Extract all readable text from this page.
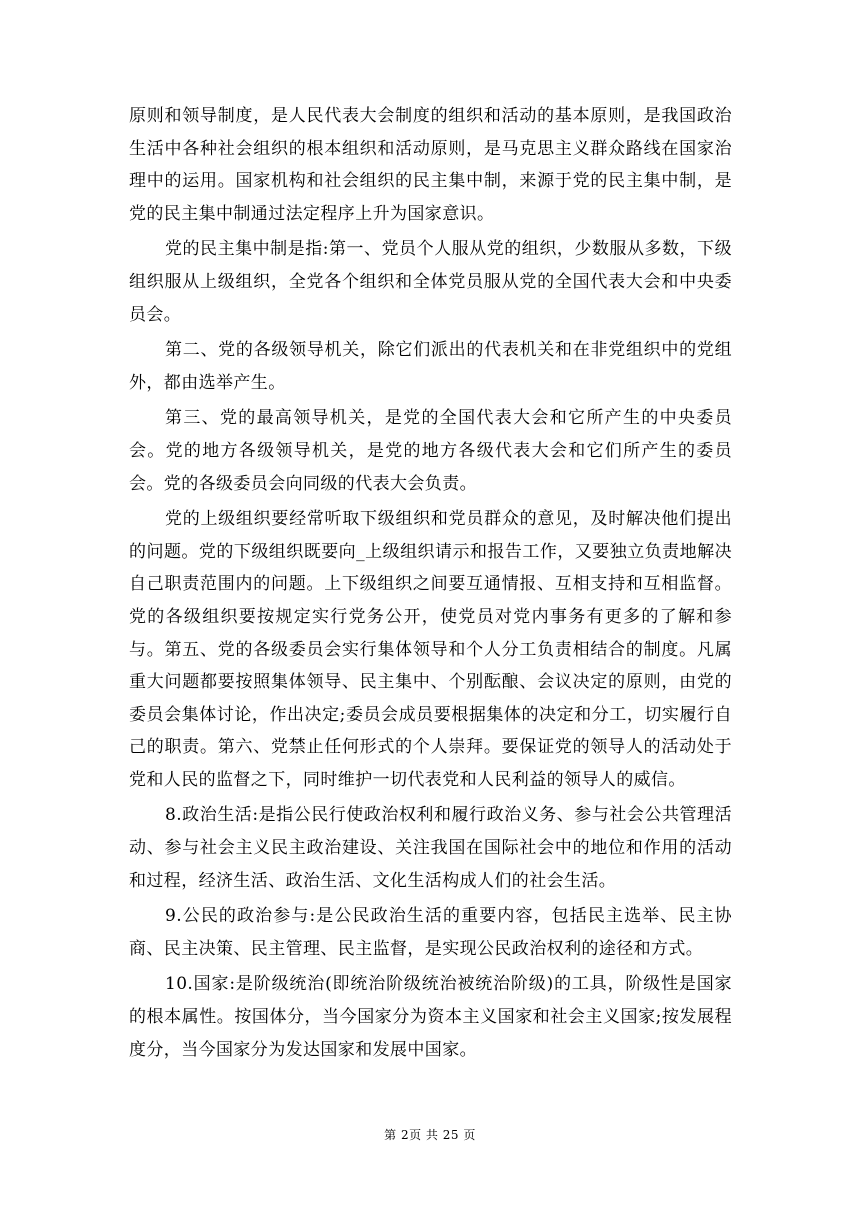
原则和领导制度，是人民代表大会制度的组织和活动的基本原则，是我国政治生活中各种社会组织的根本组织和活动原则，是马克思主义群众路线在国家治理中的运用。国家机构和社会组织的民主集中制，来源于党的民主集中制，是党的民主集中制通过法定程序上升为国家意识。

党的民主集中制是指:第一、党员个人服从党的组织，少数服从多数，下级组织服从上级组织，全党各个组织和全体党员服从党的全国代表大会和中央委员会。

第二、党的各级领导机关，除它们派出的代表机关和在非党组织中的党组外，都由选举产生。

第三、党的最高领导机关，是党的全国代表大会和它所产生的中央委员会。党的地方各级领导机关，是党的地方各级代表大会和它们所产生的委员会。党的各级委员会向同级的代表大会负责。

党的上级组织要经常听取下级组织和党员群众的意见，及时解决他们提出的问题。党的下级组织既要向_上级组织请示和报告工作，又要独立负责地解决自己职责范围内的问题。上下级组织之间要互通情报、互相支持和互相监督。党的各级组织要按规定实行党务公开，使党员对党内事务有更多的了解和参与。第五、党的各级委员会实行集体领导和个人分工负责相结合的制度。凡属重大问题都要按照集体领导、民主集中、个别酝酿、会议决定的原则，由党的委员会集体讨论，作出决定;委员会成员要根据集体的决定和分工，切实履行自己的职责。第六、党禁止任何形式的个人崇拜。要保证党的领导人的活动处于党和人民的监督之下，同时维护一切代表党和人民利益的领导人的威信。

8.政治生活:是指公民行使政治权利和履行政治义务、参与社会公共管理活动、参与社会主义民主政治建设、关注我国在国际社会中的地位和作用的活动和过程，经济生活、政治生活、文化生活构成人们的社会生活。

9.公民的政治参与:是公民政治生活的重要内容，包括民主选举、民主协商、民主决策、民主管理、民主监督，是实现公民政治权利的途径和方式。

10.国家:是阶级统治(即统治阶级统治被统治阶级)的工具，阶级性是国家的根本属性。按国体分，当今国家分为资本主义国家和社会主义国家;按发展程度分，当今国家分为发达国家和发展中国家。

第 2页 共 25 页
